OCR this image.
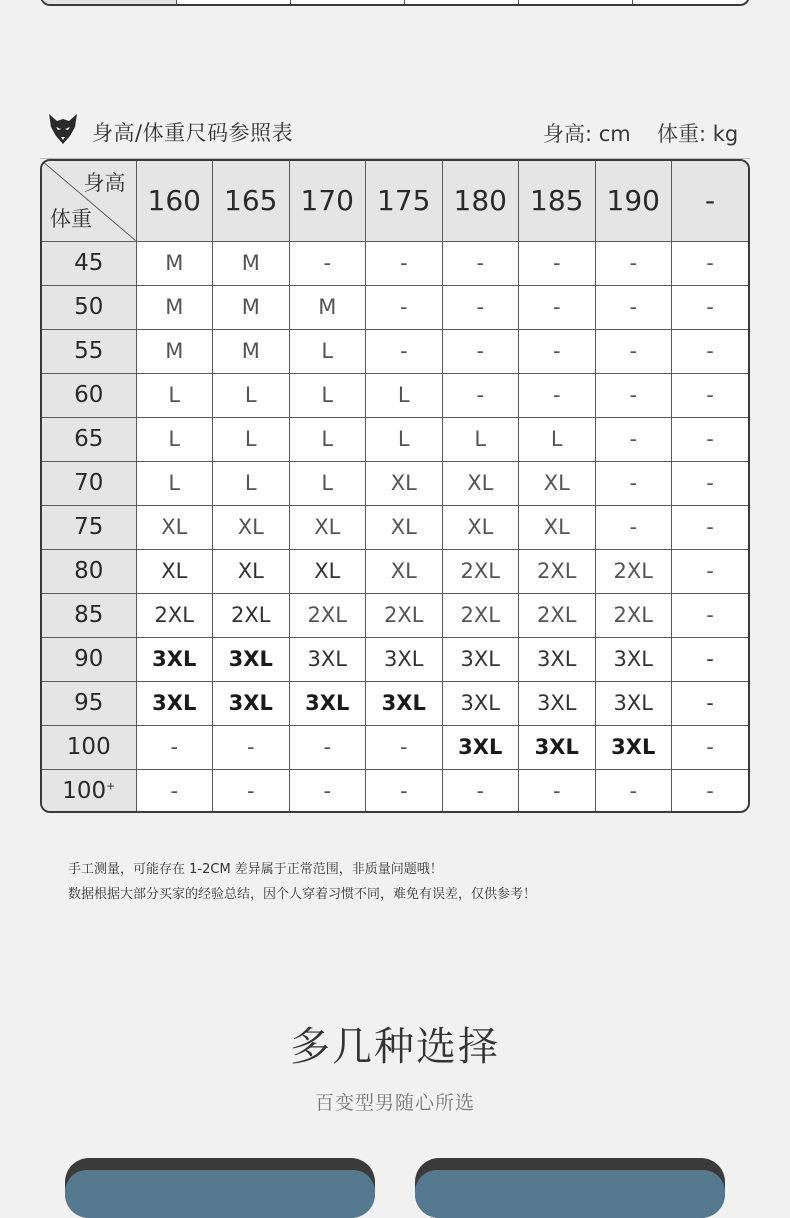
身高/体重尺码参照表	身高: cm 体重: kg
身高
体重	160	165	170	175	180	185	190	-
45	M	M	-	-	-	-	-	-
50	M	M	M	-	-	-	-	-
55	M	M	L	-	-	-	-	-
60	L	L	L	L	-	-	-	-
65	L	L	L	L	L	L	-	-
70	L	L	L	XL	XL	XL	-	-
75	XL	XL	XL	XL	XL	XL	-	-
80	XL	XL	XL	XL	2XL	2XL	2XL	-
85	2XL	2XL	2XL	2XL	2XL	2XL	2XL	-
90	3XL	3XL	3XL	3XL	3XL	3XL	3XL	-
95	3XL	3XL	3XL	3XL	3XL	3XL	3XL	-
100	-	-	-	-	3XL	3XL	3XL	-
100+	-	-	-	-	-	-	-	-
手工测量，可能存在 1-2CM 差异属于正常范围，非质量问题哦！
数据根据大部分买家的经验总结，因个人穿着习惯不同，难免有误差，仅供参考！
多几种选择
百变型男随心所选
